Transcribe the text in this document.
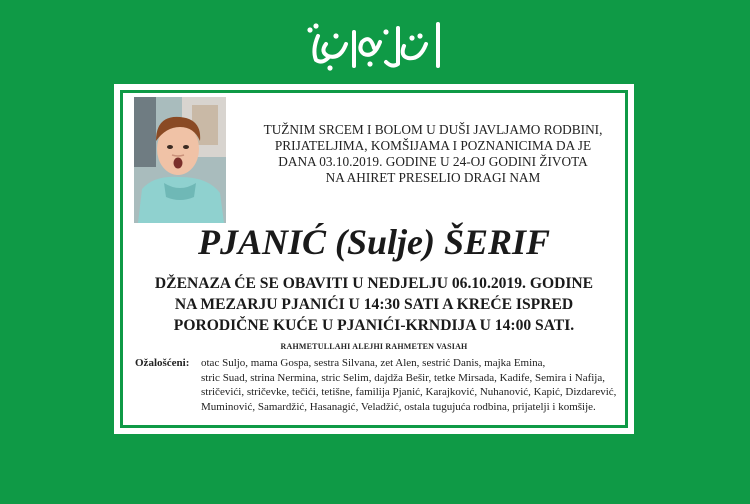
TUŽNIM SRCEM I BOLOM U DUŠI JAVLJAMO RODBINI,
PRIJATELJIMA, KOMŠIJAMA I POZNANICIMA DA JE
DANA 03.10.2019. GODINE U 24-OJ GODINI ŽIVOTA
NA AHIRET PRESELIO DRAGI NAM

PJANIĆ (Sulje) ŠERIF

DŽENAZA ĆE SE OBAVITI U NEDJELJU 06.10.2019. GODINE
NA MEZARJU PJANIĆI U 14:30 SATI A KREĆE ISPRED
PORODIČNE KUĆE U PJANIĆI-KRNDIJA U 14:00 SATI.

RAHMETULLAHI ALEJHI RAHMETEN VASIAH
Ožalošćeni: otac Suljo, mama Gospa, sestra Silvana, zet Alen, sestrić Danis, majka Emina,
stric Suad, strina Nermina, stric Selim, dajdža Bešir, tetke Mirsada, Kadife, Semira i Nafija,
stričevići, stričevke, tečići, tetišne, familija Pjanić, Karajković, Nuhanović, Kapić, Dizdarević,
Muminović, Samardžić, Hasanagić, Veladžić, ostala tugujuća rodbina, prijatelji i komšije.
